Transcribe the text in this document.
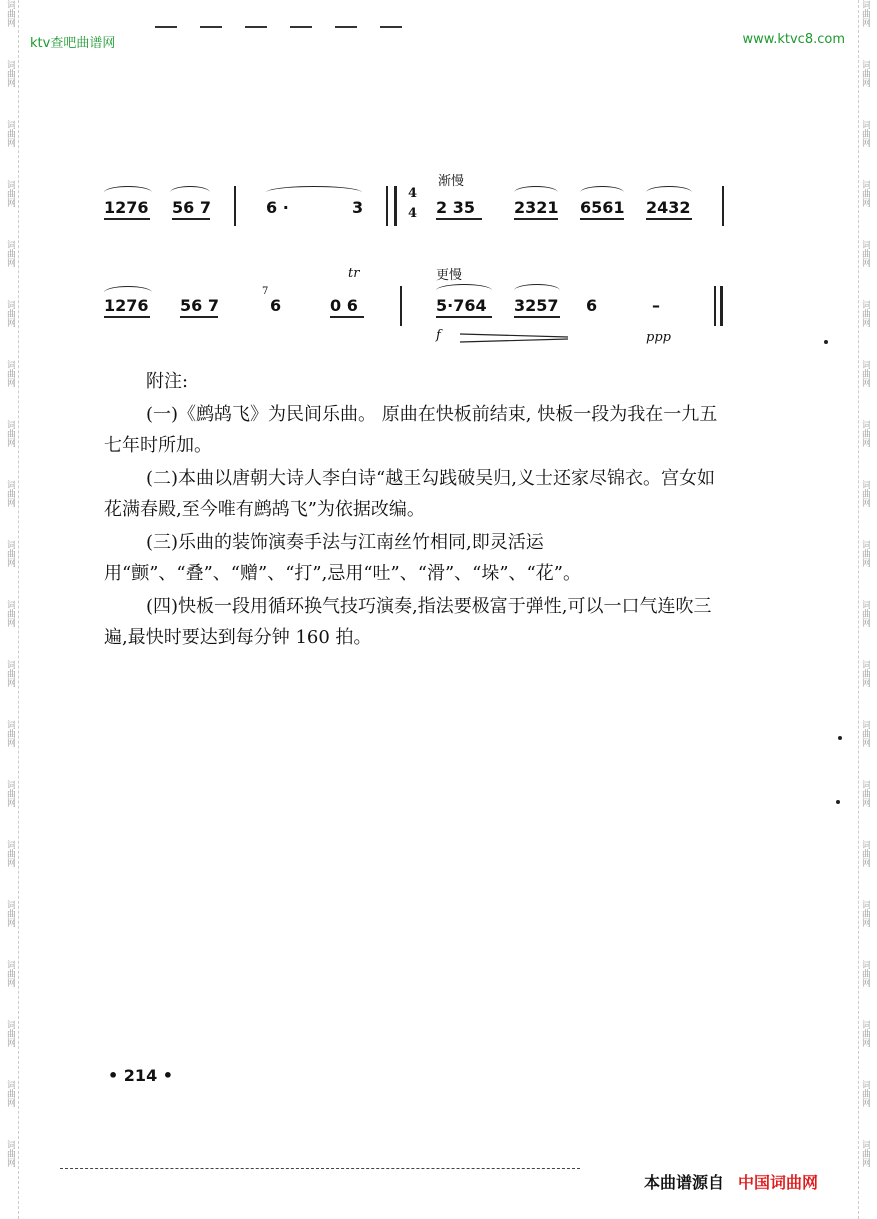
词曲网
词曲网
词曲网
词曲网
词曲网
词曲网
词曲网
词曲网
词曲网
词曲网
词曲网
词曲网
词曲网
词曲网
词曲网
词曲网
词曲网
词曲网
词曲网
词曲网
词曲网
词曲网
词曲网
词曲网
词曲网
词曲网
词曲网
词曲网
词曲网
词曲网
词曲网
词曲网
词曲网
词曲网
词曲网
词曲网
词曲网
词曲网
词曲网
词曲网
ktv查吧曲谱网	www.ktvc8.com
渐慢
1276 56 7	6 ·	3
4
4 2 35 2321 6561 2432
tr	更慢
1276 56 7
7
6	0 6	5·764 3257 6	–
f	ppp

附注:

(一)《鹧鸪飞》为民间乐曲。 原曲在快板前结束, 快板一段为我在一九五七年时所加。

(二)本曲以唐朝大诗人李白诗“越王勾践破吴归,义士还家尽锦衣。宫女如花满春殿,至今唯有鹧鸪飞”为依据改编。

(三)乐曲的装饰演奏手法与江南丝竹相同,即灵活运用“颤”、“叠”、“赠”、“打”,忌用“吐”、“滑”、“垛”、“花”。

(四)快板一段用循环换气技巧演奏,指法要极富于弹性,可以一口气连吹三遍,最快时要达到每分钟 160 拍。

• 214 •
本曲谱源自 中国词曲网
